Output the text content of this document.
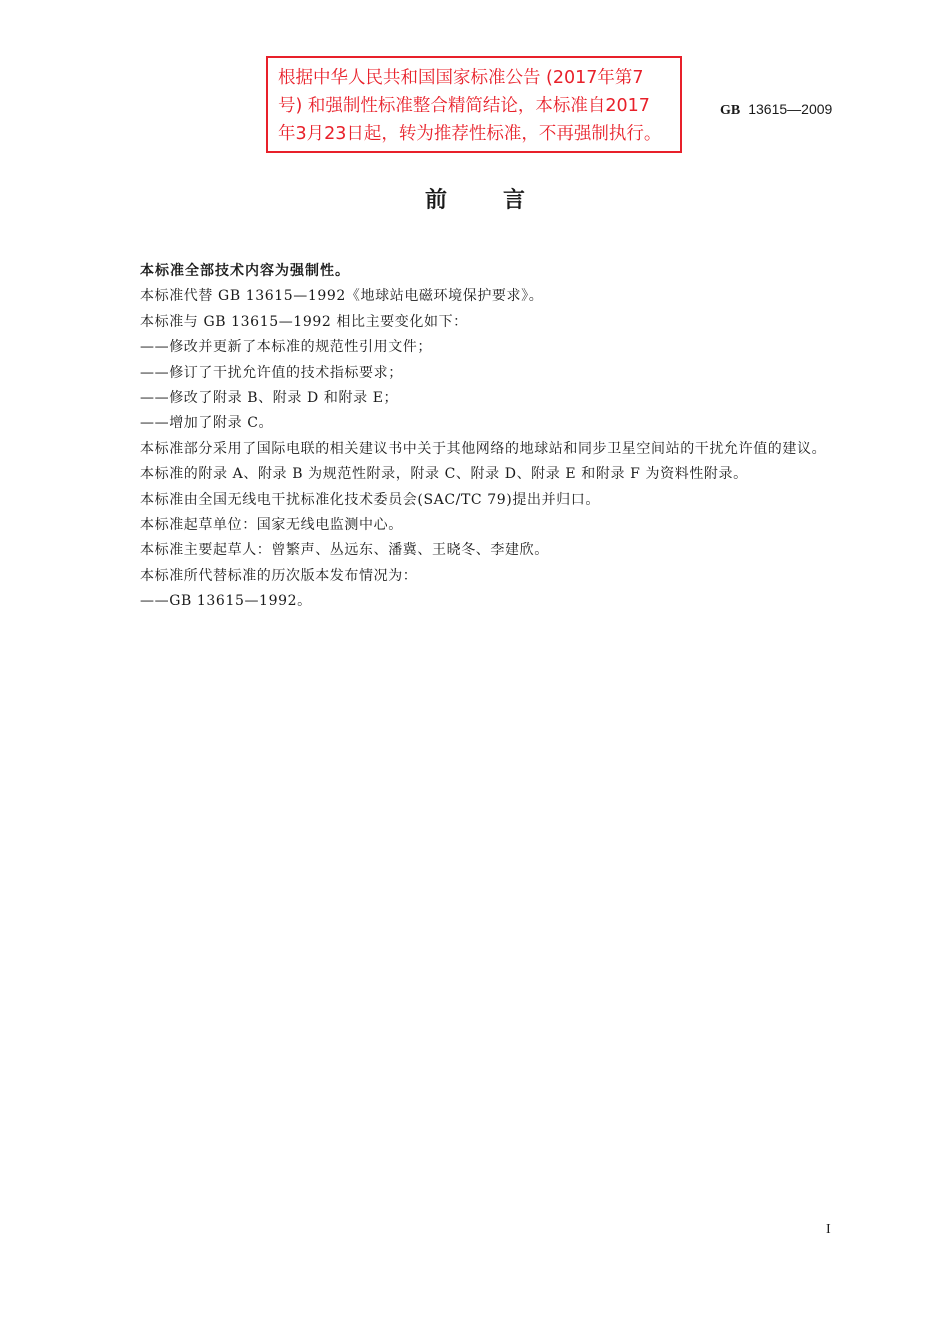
根据中华人民共和国国家标准公告 (2017年第7
号) 和强制性标准整合精简结论，本标准自2017
年3月23日起，转为推荐性标准，不再强制执行。
GB 13615—2009
前	言

本标准全部技术内容为强制性。

本标准代替 GB 13615—1992《地球站电磁环境保护要求》。

本标准与 GB 13615—1992 相比主要变化如下：

——修改并更新了本标准的规范性引用文件；

——修订了干扰允许值的技术指标要求；

——修改了附录 B、附录 D 和附录 E；

——增加了附录 C。

本标准部分采用了国际电联的相关建议书中关于其他网络的地球站和同步卫星空间站的干扰允许值的建议。

本标准的附录 A、附录 B 为规范性附录，附录 C、附录 D、附录 E 和附录 F 为资料性附录。

本标准由全国无线电干扰标准化技术委员会(SAC/TC 79)提出并归口。

本标准起草单位：国家无线电监测中心。

本标准主要起草人：曾繁声、丛远东、潘冀、王晓冬、李建欣。

本标准所代替标准的历次版本发布情况为：

——GB 13615—1992。

I
